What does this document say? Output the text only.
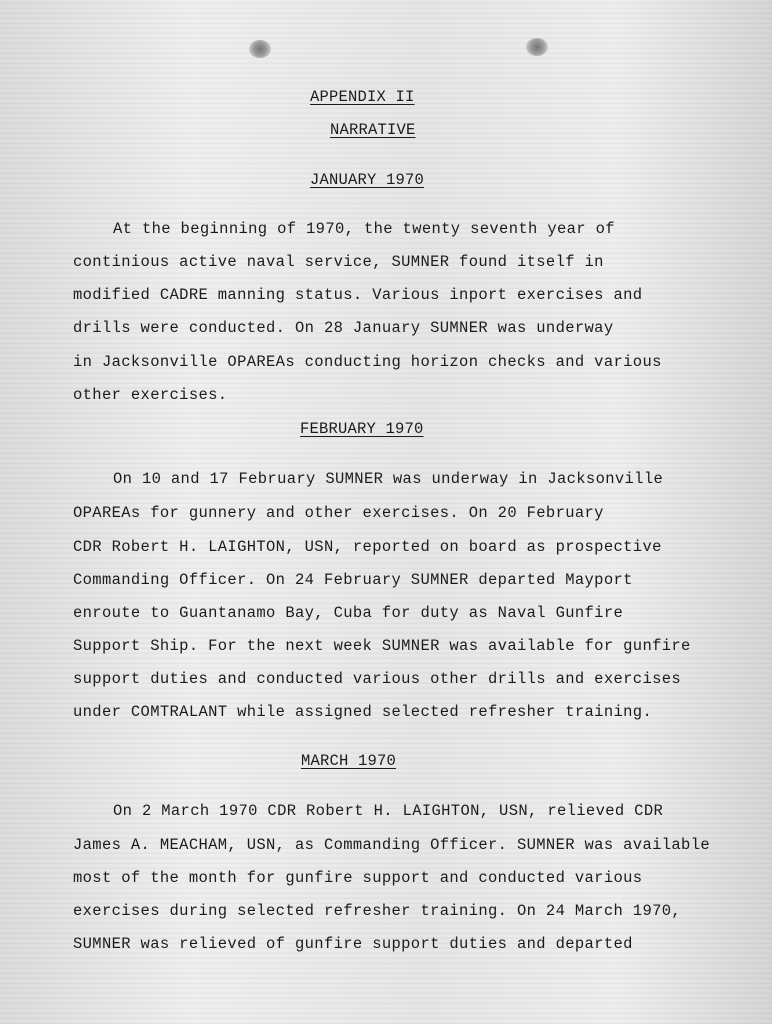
APPENDIX II
NARRATIVE
JANUARY 1970
At the beginning of 1970, the twenty seventh year of
continious active naval service, SUMNER found itself in
modified CADRE manning status. Various inport exercises and
drills were conducted. On 28 January SUMNER was underway
in Jacksonville OPAREAs conducting horizon checks and various
other exercises.
FEBRUARY 1970
On 10 and 17 February SUMNER was underway in Jacksonville
OPAREAs for gunnery and other exercises. On 20 February
CDR Robert H. LAIGHTON, USN, reported on board as prospective
Commanding Officer. On 24 February SUMNER departed Mayport
enroute to Guantanamo Bay, Cuba for duty as Naval Gunfire
Support Ship. For the next week SUMNER was available for gunfire
support duties and conducted various other drills and exercises
under COMTRALANT while assigned selected refresher training.
MARCH 1970
On 2 March 1970 CDR Robert H. LAIGHTON, USN, relieved CDR
James A. MEACHAM, USN, as Commanding Officer. SUMNER was available
most of the month for gunfire support and conducted various
exercises during selected refresher training. On 24 March 1970,
SUMNER was relieved of gunfire support duties and departed
